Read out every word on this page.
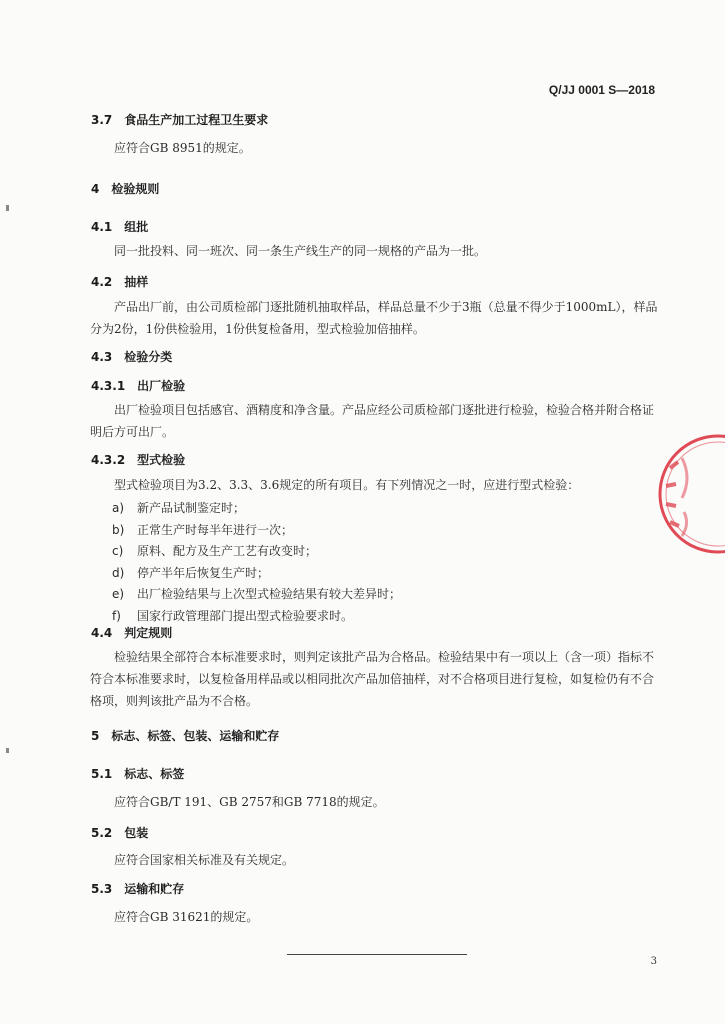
Q/JJ 0001 S—2018
3.7 食品生产加工过程卫生要求

应符合GB 8951的规定。

4 检验规则
4.1 组批

同一批投料、同一班次、同一条生产线生产的同一规格的产品为一批。

4.2 抽样

产品出厂前，由公司质检部门逐批随机抽取样品，样品总量不少于3瓶（总量不得少于1000mL），样品分为2份，1份供检验用，1份供复检备用，型式检验加倍抽样。

4.3 检验分类
4.3.1 出厂检验

出厂检验项目包括感官、酒精度和净含量。产品应经公司质检部门逐批进行检验，检验合格并附合格证明后方可出厂。

4.3.2 型式检验

型式检验项目为3.2、3.3、3.6规定的所有项目。有下列情况之一时，应进行型式检验：

a) 新产品试制鉴定时；
b) 正常生产时每半年进行一次；
c) 原料、配方及生产工艺有改变时；
d) 停产半年后恢复生产时；
e) 出厂检验结果与上次型式检验结果有较大差异时；
f) 国家行政管理部门提出型式检验要求时。
4.4 判定规则

检验结果全部符合本标准要求时，则判定该批产品为合格品。检验结果中有一项以上（含一项）指标不符合本标准要求时，以复检备用样品或以相同批次产品加倍抽样，对不合格项目进行复检，如复检仍有不合格项，则判该批产品为不合格。

5 标志、标签、包装、运输和贮存
5.1 标志、标签

应符合GB/T 191、GB 2757和GB 7718的规定。

5.2 包装

应符合国家相关标准及有关规定。

5.3 运输和贮存

应符合GB 31621的规定。

3
